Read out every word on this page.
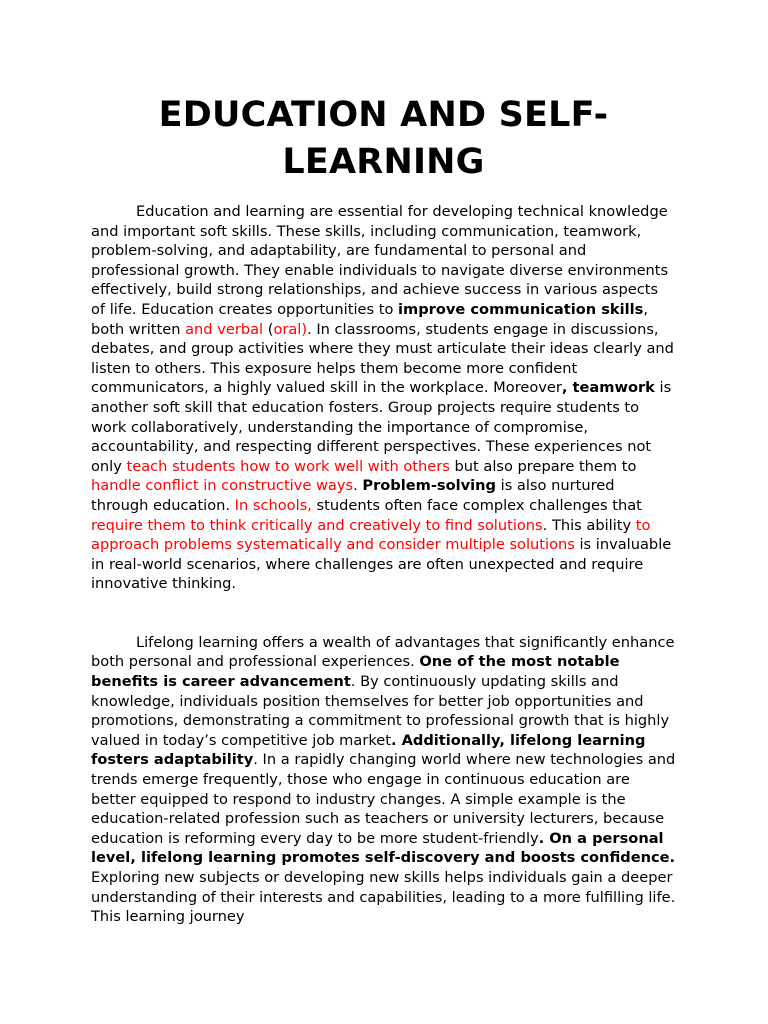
EDUCATION AND SELF-LEARNING

Education and learning are essential for developing technical knowledge and important soft skills. These skills, including communication, teamwork, problem-solving, and adaptability, are fundamental to personal and professional growth. They enable individuals to navigate diverse environments effectively, build strong relationships, and achieve success in various aspects of life. Education creates opportunities to improve communication skills, both written and verbal (oral). In classrooms, students engage in discussions, debates, and group activities where they must articulate their ideas clearly and listen to others. This exposure helps them become more confident communicators, a highly valued skill in the workplace. Moreover, teamwork is another soft skill that education fosters. Group projects require students to work collaboratively, understanding the importance of compromise, accountability, and respecting different perspectives. These experiences not only teach students how to work well with others but also prepare them to handle conflict in constructive ways. Problem-solving is also nurtured through education. In schools, students often face complex challenges that require them to think critically and creatively to find solutions. This ability to approach problems systematically and consider multiple solutions is invaluable in real-world scenarios, where challenges are often unexpected and require innovative thinking.

Lifelong learning offers a wealth of advantages that significantly enhance both personal and professional experiences. One of the most notable benefits is career advancement. By continuously updating skills and knowledge, individuals position themselves for better job opportunities and promotions, demonstrating a commitment to professional growth that is highly valued in today’s competitive job market. Additionally, lifelong learning fosters adaptability. In a rapidly changing world where new technologies and trends emerge frequently, those who engage in continuous education are better equipped to respond to industry changes. A simple example is the education-related profession such as teachers or university lecturers, because education is reforming every day to be more student-friendly. On a personal level, lifelong learning promotes self-discovery and boosts confidence. Exploring new subjects or developing new skills helps individuals gain a deeper understanding of their interests and capabilities, leading to a more fulfilling life. This learning journey
